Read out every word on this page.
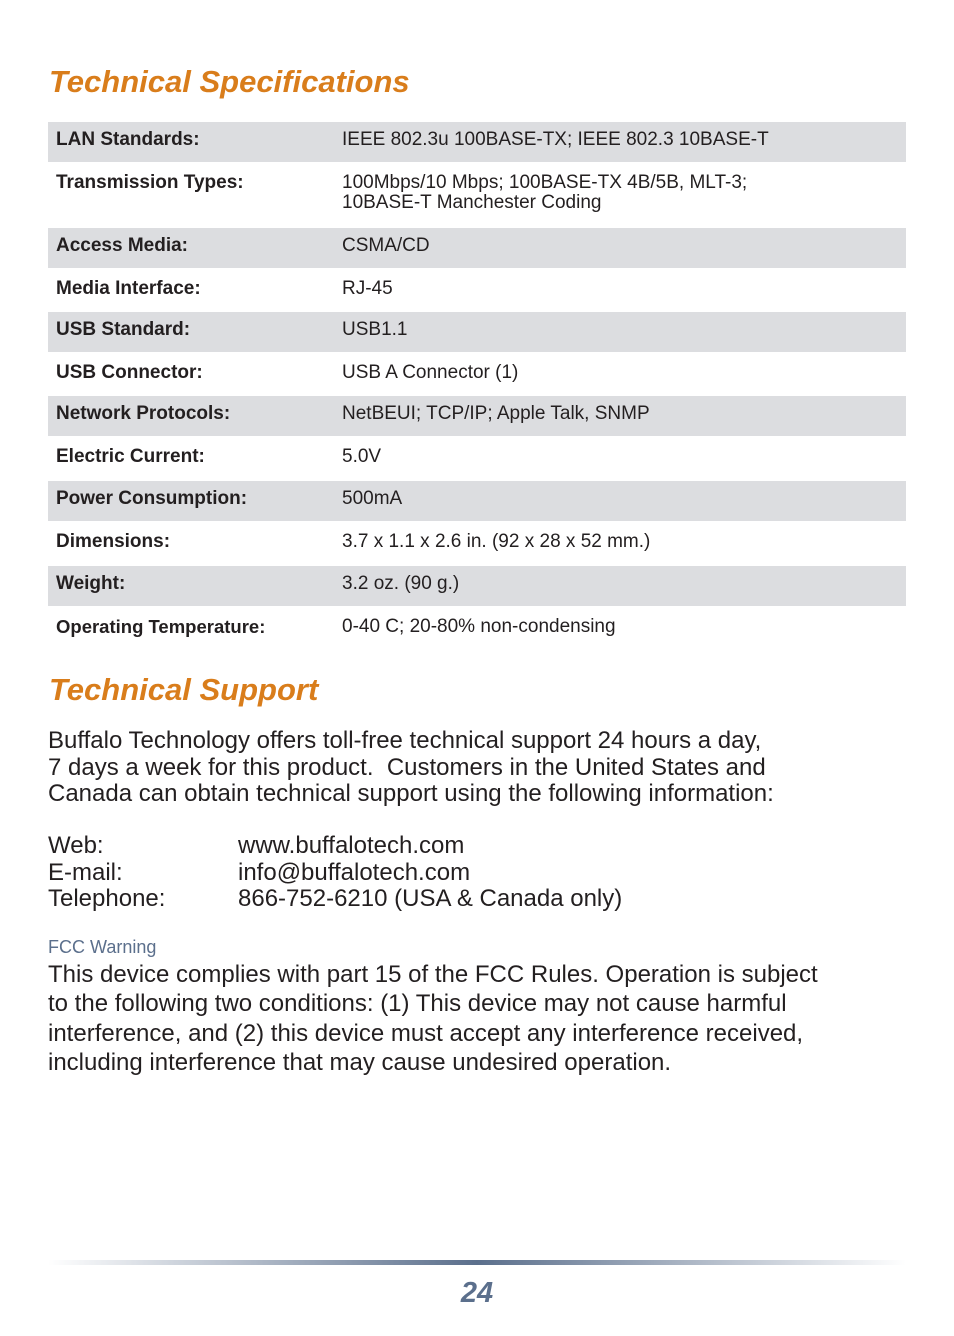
Technical Specifications
LAN Standards:	IEEE 802.3u 100BASE-TX; IEEE 802.3 10BASE-T
Transmission Types:	100Mbps/10 Mbps; 100BASE-TX 4B/5B, MLT-3; 10BASE-T Manchester Coding
Access Media:	CSMA/CD
Media Interface:	RJ-45
USB Standard:	USB1.1
USB Connector:	USB A Connector (1)
Network Protocols:	NetBEUI; TCP/IP; Apple Talk, SNMP
Electric Current:	5.0V
Power Consumption:	500mA
Dimensions:	3.7 x 1.1 x 2.6 in. (92 x 28 x 52 mm.)
Weight:	3.2 oz. (90 g.)
Operating Temperature:	0-40 C; 20-80% non-condensing
Technical Support
Buffalo Technology offers toll-free technical support 24 hours a day,
7 days a week for this product.  Customers in the United States and
Canada can obtain technical support using the following information:
Web:	www.buffalotech.com
E-mail:	info@buffalotech.com
Telephone:	866-752-6210 (USA & Canada only)
FCC Warning
This device complies with part 15 of the FCC Rules. Operation is subject
to the following two conditions: (1) This device may not cause harmful
interference, and (2) this device must accept any interference received,
including interference that may cause undesired operation.
24
